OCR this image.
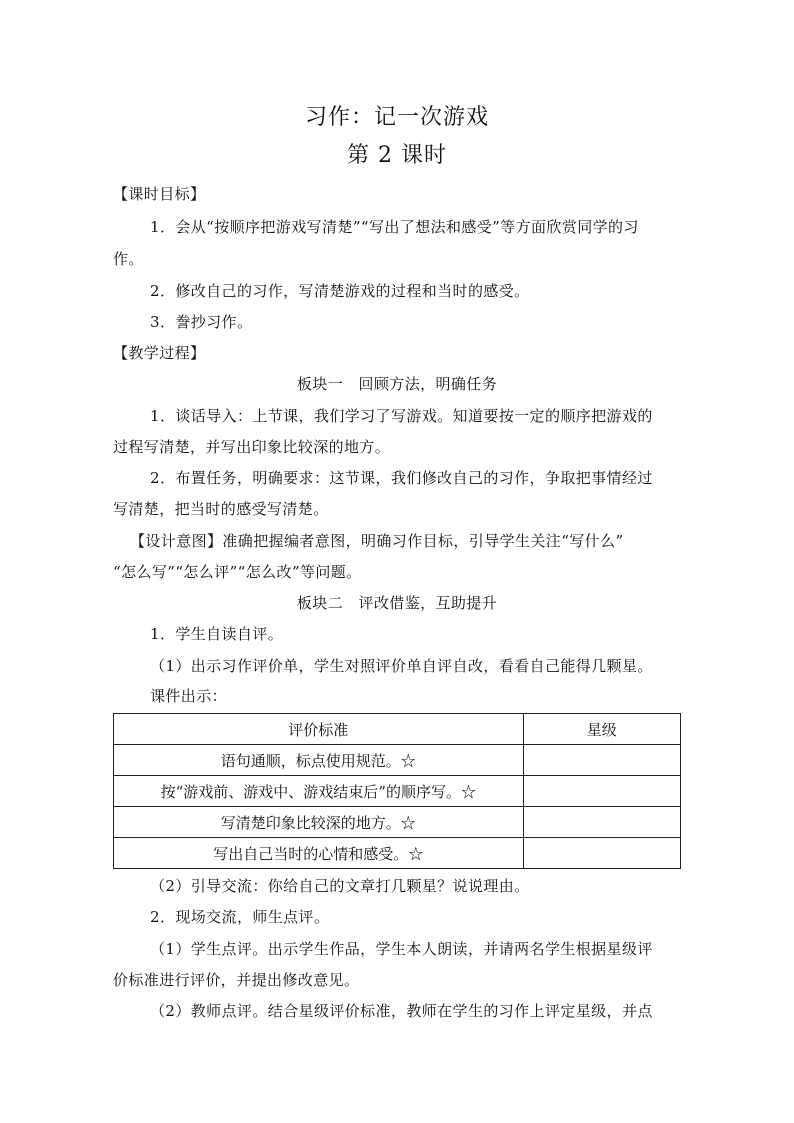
习作：记一次游戏
第 2 课时
【课时目标】
1．会从“按顺序把游戏写清楚”“写出了想法和感受”等方面欣赏同学的习
作。
2．修改自己的习作，写清楚游戏的过程和当时的感受。
3．誊抄习作。
【教学过程】
板块一　回顾方法，明确任务
1．谈话导入：上节课，我们学习了写游戏。知道要按一定的顺序把游戏的
过程写清楚，并写出印象比较深的地方。
2．布置任务，明确要求：这节课，我们修改自己的习作，争取把事情经过
写清楚，把当时的感受写清楚。
【设计意图】准确把握编者意图，明确习作目标，引导学生关注“写什么”
“怎么写”“怎么评”“怎么改”等问题。
板块二　评改借鉴，互助提升
1．学生自读自评。
（1）出示习作评价单，学生对照评价单自评自改，看看自己能得几颗星。
课件出示：
评价标准	星级
语句通顺，标点使用规范。☆	
按“游戏前、游戏中、游戏结束后”的顺序写。☆	
写清楚印象比较深的地方。☆	
写出自己当时的心情和感受。☆	
（2）引导交流：你给自己的文章打几颗星？说说理由。
2．现场交流，师生点评。
（1）学生点评。出示学生作品，学生本人朗读，并请两名学生根据星级评
价标准进行评价，并提出修改意见。
（2）教师点评。结合星级评价标准，教师在学生的习作上评定星级，并点
